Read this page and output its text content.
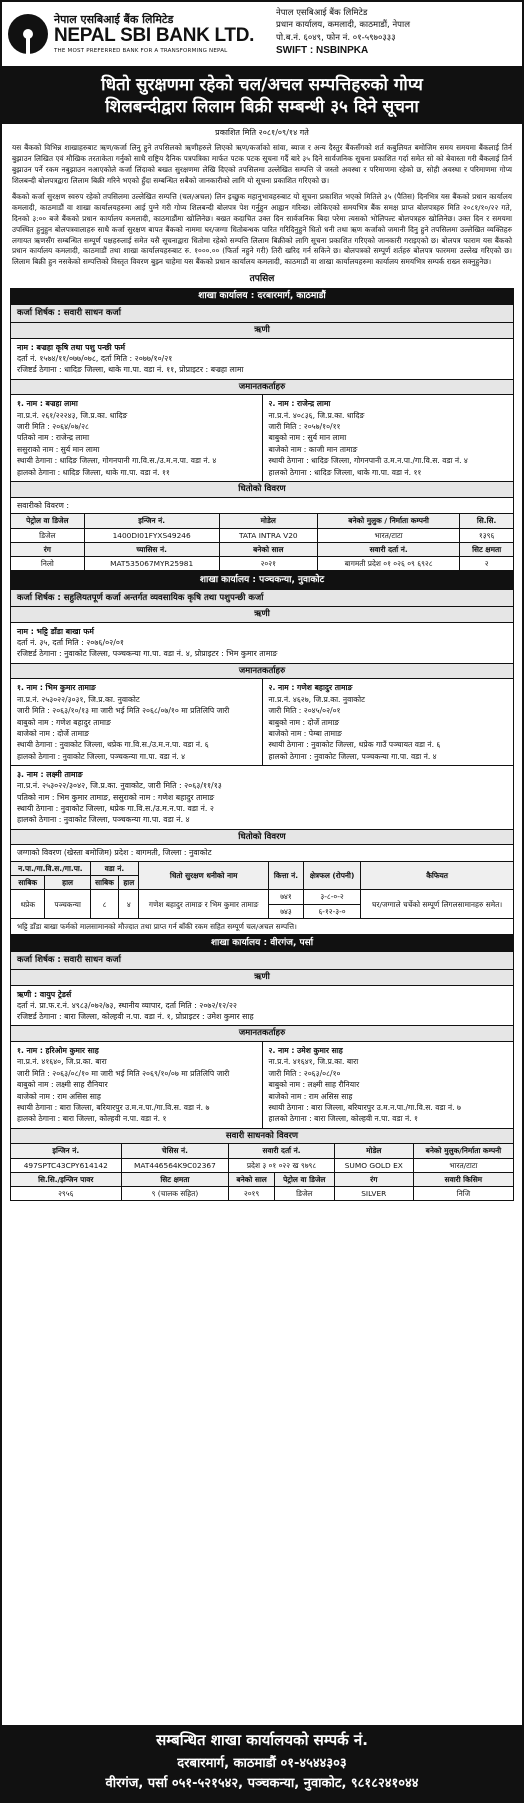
नेपाल एसबिआई बैंक लिमिटेड
NEPAL SBI BANK LTD.
THE MOST PREFERRED BANK FOR A TRANSFORMING NEPAL
नेपाल एसबिआई बैंक लिमिटेड
प्रधान कार्यालय, कमलादी, काठमाडौं, नेपाल
पो.ब.नं. ६०४९, फोन नं. ०१-५९७०३३३
SWIFT : NSBINPKA
धितो सुरक्षणमा रहेको चल/अचल सम्पत्तिहरुको गोप्य
शिलबन्दीद्वारा लिलाम बिक्री सम्बन्धी ३५ दिने सूचना
प्रकाशित मिति २०८१/०९/१४ गते

यस बैंकको विभिन्न शाखाहरुबाट ऋण/कर्जा लिनु हुने तपसिलको ऋणीहरुले लिएको ऋण/कर्जाको सांवा, ब्याज र अन्य दैस्तुर बैंकसँगको शर्त कबुलियत बमोजिम समय समयमा बैंकलाई तिर्न बुझाउन लिखित एवं मौखिक तरताकेता गर्नुको साथै राष्ट्रिय दैनिक पत्रपत्रिका मार्फत पटक पटक सूचना गर्दै बारे ३५ दिने सार्वजनिक सूचना प्रकाशित गर्दा समेत सो को बेवास्ता गरी बैंकलाई तिर्न बुझाउन पर्ने रकम नबुझाउन नआएकोले कर्जा लिंदाको बखत सुरक्षणमा लेखि दिएको तपसिलमा उल्लेखित सम्पत्ति जे जस्तो अवस्था र परिमाणमा रहेको छ, सोही अवस्था र परिमाणमा गोप्य शिलबन्दी बोलपत्रद्वारा लिलाम बिक्री गरिने भएको हुँदा सम्बन्धित सबैको जानकारीको लागि यो सूचना प्रकाशित गरिएको छ।

बैंकको कर्जा सुरक्षण स्वरुप रहेको तपसिलमा उल्लेखित सम्पत्ति (चल/अचल) लिन इच्छुक महानुभावहरुबाट यो सूचना प्रकाशित भएको मितिले ३५ (पैतिस) दिनभित्र यस बैंकको प्रधान कार्यालय कमलादी, काठमाडौं वा शाखा कार्यालयहरुमा आई पुग्ने गरी गोप्य शिलबन्दी बोलपत्र पेश गर्नुहुन आह्वान गरिन्छ। लोकिएको समयभित्र बैंक समक्ष प्राप्त बोलपत्रहरु मिति २०८१/१०/२२ गते, दिनको ३:०० बजे बैंकको प्रधान कार्यालय कमलादी, काठमाडौंमा खोलिनेछ। बखत कदाचित उक्त दिन सार्वजनिक बिदा परेमा त्यसको भोलिपल्ट बोलपत्रहरु खोलिनेछ। उक्त दिन र समयमा उपस्थित हुनुहुन बोलपत्रवालाहरु साथै कर्जा सुरक्षण बापत बैंकको नाममा घर/जग्गा धितोबन्धक पारित गरिदिनुहुने धितो धनी तथा ऋण कर्जाको जमानी दिनु हुने तपसिलमा उल्लेखित व्यक्तिहरु लगायत ऋणसँग सम्बन्धित सम्पूर्ण पक्षहरुलाई समेत यसै सूचनाद्वारा धितोमा रहेको सम्पत्ति लिलाम बिक्रीको लागि सूचना प्रकाशित गरिएको जानकारी गराइएको छ। बोलपत्र फाराम यस बैंकको प्रधान कार्यालय कमलादी, काठमाडौं तथा शाखा कार्यालयहरुबाट रु. १०००.०० (फिर्ता नहुने गरी) तिरी खरिद गर्न सकिने छ। बोलपत्रको सम्पूर्ण शर्तहरु बोलपत्र फारममा उल्लेख गरिएको छ। लिलाम बिक्री हुन नसकेको सम्पत्तिको विस्तृत विवरण बुझ्न चाहेमा यस बैंकको प्रधान कार्यालय कमलादी, काठमाडौं वा शाखा कार्यालयहरुमा कार्यालय समयभित्र सम्पर्क राख्न सक्नुहुनेछ।

तपसिल
शाखा कार्यालय : दरबारमार्ग, काठमाडौं
कर्जा शिर्षक : सवारी साधन कर्जा
ऋणी
नाम : बज्रहा कृषि तथा पशु पन्छी फर्म
दर्ता नं. १५७४/११/०७७/०७८, दर्ता मिति : २०७७/१०/२१
रजिष्टर्ड ठेगाना : धादिङ जिल्ला, थाके गा.पा. वडा नं. ११, प्रोप्राइटर : बज्रहा लामा
जमानतकर्ताहरु
१. नाम : बज्रहा लामा
ना.प्र.नं. २६१/२२२४३, जि.प्र.का. धादिङ
जारी मिति : २०६४/०७/२८
पतिको नाम : राजेन्द्र लामा
ससुराको नाम : सुर्य मान लामा
स्थायी ठेगाना : धादिङ जिल्ला, गोगनपानी गा.वि.स./उ.म.न.पा. वडा नं. ४
हालको ठेगाना : धादिङ जिल्ला, थाके गा.पा. वडा नं. ११
२. नाम : राजेन्द्र लामा
ना.प्र.नं. ४०८३६, जि.प्र.का. धादिङ
जारी मिति : २०५७/१०/११
बाबुको नाम : सुर्य मान लामा
बाजेको नाम : काजी मान तामाङ
स्थायी ठेगाना : धादिङ जिल्ला, गोगनपानी उ.म.न.पा./गा.वि.स. वडा नं. ४
हालको ठेगाना : धादिङ जिल्ला, थाके गा.पा. वडा नं. ११
धितोको विवरण
सवारीको विवरण :
पेट्रोल वा डिजेल	इन्जिन नं.	मोडेल	बनेको मुलुक / निर्माता कम्पनी	सि.सि.
डिजेल	1400DI01FYXS49246	TATA INTRA V20	भारत/टाटा	१३९६
रंग	च्यासिस नं.	बनेको साल	सवारी दर्ता नं.	सिट क्षमता
निलो	MAT535067MYR25981	२०२१	बागमती प्रदेश ०१ ०२६ ०९ ६९२८	२
शाखा कार्यालय : पञ्चकन्या, नुवाकोट
कर्जा शिर्षक : सहुलियतपूर्ण कर्जा अन्तर्गत व्यवसायिक कृषि तथा पशुपन्छी कर्जा
ऋणी
नाम : भट्टि डाँडा बाखा फर्म
दर्ता नं. ३५, दर्ता मिति : २०७६/०२/०१
रजिष्टर्ड ठेगाना : नुवाकोट जिल्ला, पञ्चकन्या गा.पा. वडा नं. ४, प्रोप्राइटर : भिम कुमार तामाङ
जमानतकर्ताहरु
१. नाम : भिम कुमार तामाङ
ना.प्र.नं. २५३०२२/३०३१, जि.प्र.का. नुवाकोट
जारी मिति : २०६३/१०/१३ मा जारी भई मिति २०६८/०७/१० मा प्रतिलिपि जारी
बाबुको नाम : गणेश बहादुर तामाङ
बाजेको नाम : दोर्जे तामाङ
स्थायी ठेगाना : नुवाकोट जिल्ला, थप्रेक गा.वि.स./उ.म.न.पा. वडा नं. ६
हालको ठेगाना : नुवाकोट जिल्ला, पञ्चकन्या गा.पा. वडा नं. ४
२. नाम : गणेश बहादुर तामाङ
ना.प्र.नं. ४६२७, जि.प्र.का. नुवाकोट
जारी मिति : २०४५/०२/०१
बाबुको नाम : दोर्जे तामाङ
बाजेको नाम : पेम्बा तामाङ
स्थायी ठेगाना : नुवाकोट जिल्ला, थप्रेक गाउँ पञ्चायत वडा नं. ६
हालको ठेगाना : नुवाकोट जिल्ला, पञ्चकन्या गा.पा. वडा नं. ४
३. नाम : लक्ष्मी तामाङ
ना.प्र.नं. २५३०२२/३०४२, जि.प्र.का. नुवाकोट, जारी मिति : २०६३/११/१३
पतिको नाम : भिम कुमार तामाङ, ससुराको नाम : गणेश बहादुर तामाङ
स्थायी ठेगाना : नुवाकोट जिल्ला, थप्रेक गा.वि.स./उ.म.न.पा. वडा नं. २
हालको ठेगाना : नुवाकोट जिल्ला, पञ्चकन्या गा.पा. वडा नं. ४
धितोको विवरण
जग्गाको विवरण (खेस्ता बमोजिम) प्रदेश : बागमती, जिल्ला : नुवाकोट
न.पा./गा.वि.स./गा.पा.		वडा नं.		धितो सुरक्षण धनीको नाम	कित्ता नं.	क्षेत्रफल (रोपनी)	कैफियत
साबिक	हाल	साबिक	हाल				
थप्रेक	पञ्चकन्या	८	४	गणेश बहादुर तामाङ र भिम कुमार तामाङ	७४१	३-८-०-२	घर/जग्गाले चर्चेको सम्पूर्ण लिगलसामानहरु समेत।
					७४३	६-१२-३-०	
भट्टि डाँडा बाखा फर्मको मालसामानको मौज्दात तथा प्राप्त गर्न बाँकी रकम सहित सम्पूर्ण चल/अचल सम्पत्ति।
शाखा कार्यालय : वीरगंज, पर्सा
कर्जा शिर्षक : सवारी साधन कर्जा
ऋणी
ऋणी : वायुप ट्रेडर्स
दर्ता नं. प्रा.फ.र.नं. ४९८३/०७२/७३, स्थानीय व्यापार, दर्ता मिति : २०७२/१२/२२
रजिष्टर्ड ठेगाना : बारा जिल्ला, कोल्हवी न.पा. वडा नं. १, प्रोप्राइटर : उमेश कुमार साह
जमानतकर्ताहरु
१. नाम : हरिओम कुमार साह
ना.प्र.नं. ४१६४०, जि.प्र.का. बारा
जारी मिति : २०६३/०८/१० मा जारी भई मिति २०६९/१०/०७ मा प्रतिलिपि जारी
बाबुको नाम : लक्ष्मी साह रौनियार
बाजेको नाम : राम असिस साह
स्थायी ठेगाना : बारा जिल्ला, बरियारपुर उ.म.न.पा./गा.वि.स. वडा नं. ७
हालको ठेगाना : बारा जिल्ला, कोल्हवी न.पा. वडा नं. १
२. नाम : उमेश कुमार साह
ना.प्र.नं. ४१६४१, जि.प्र.का. बारा
जारी मिति : २०६३/०८/१०
बाबुको नाम : लक्ष्मी साह रौनियार
बाजेको नाम : राम असिस साह
स्थायी ठेगाना : बारा जिल्ला, बरियारपुर उ.म.न.पा./गा.वि.स. वडा नं. ७
हालको ठेगाना : बारा जिल्ला, कोल्हवी न.पा. वडा नं. १
सवारी साधनको विवरण
इन्जिन नं.	चेसिस नं.	सवारी दर्ता नं.		मोडेल	बनेको मुलुक/निर्माता कम्पनी
497SPTC43CPY614142	MAT446564K9C02367	प्रदेश ३ ०१ ०२२ ख ९७९८		SUMO GOLD EX	भारत/टाटा
सि.सि./इन्जिन पावर	सिट क्षमता	बनेको साल	पेट्रोल वा डिजेल	रंग	सवारी किसिम
२९५६	९ (चालक सहित)	२०१९	डिजेल	SILVER	निजि
सम्बन्धित शाखा कार्यालयको सम्पर्क नं.
दरबारमार्ग, काठमाडौं ०१-४५४४३०३
वीरगंज, पर्सा ०५१-५२१५४२, पञ्चकन्या, नुवाकोट, ९८१८२४१०४४
